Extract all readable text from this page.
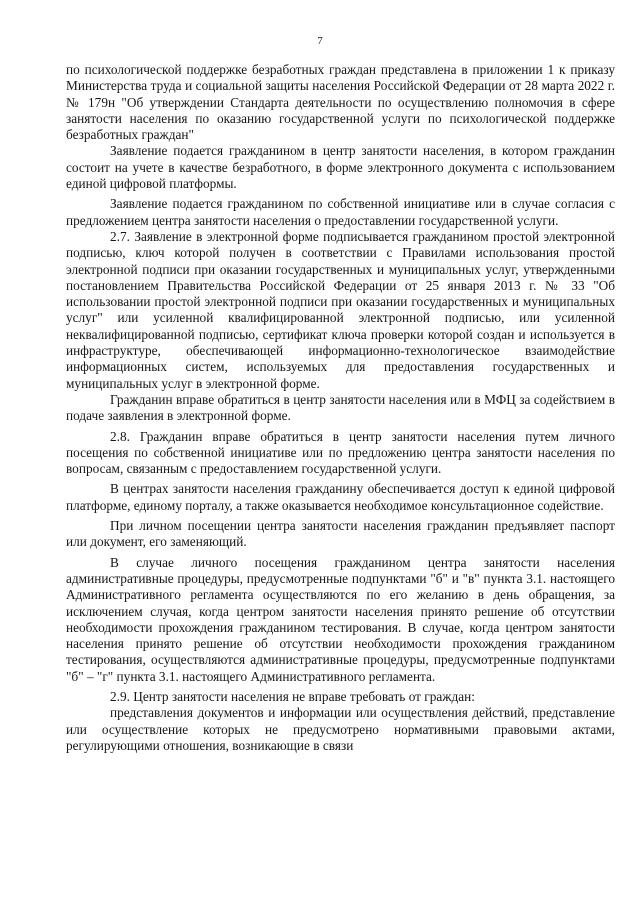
7

по психологической поддержке безработных граждан представлена в приложении 1 к приказу Министерства труда и социальной защиты населения Российской Федерации от 28 марта 2022 г. № 179н "Об утверждении Стандарта деятельности по осуществлению полномочия в сфере занятости населения по оказанию государственной услуги по психологической поддержке безработных граждан"

Заявление подается гражданином в центр занятости населения, в котором гражданин состоит на учете в качестве безработного, в форме электронного документа с использованием единой цифровой платформы.

Заявление подается гражданином по собственной инициативе или в случае согласия с предложением центра занятости населения о предоставлении государственной услуги.

2.7. Заявление в электронной форме подписывается гражданином простой электронной подписью, ключ которой получен в соответствии с Правилами использования простой электронной подписи при оказании государственных и муниципальных услуг, утвержденными постановлением Правительства Российской Федерации от 25 января 2013 г. № 33 "Об использовании простой электронной подписи при оказании государственных и муниципальных услуг" или усиленной квалифицированной электронной подписью, или усиленной неквалифицированной подписью, сертификат ключа проверки которой создан и используется в инфраструктуре, обеспечивающей информационно-технологическое взаимодействие информационных систем, используемых для предоставления государственных и муниципальных услуг в электронной форме.

Гражданин вправе обратиться в центр занятости населения или в МФЦ за содействием в подаче заявления в электронной форме.

2.8. Гражданин вправе обратиться в центр занятости населения путем личного посещения по собственной инициативе или по предложению центра занятости населения по вопросам, связанным с предоставлением государственной услуги.

В центрах занятости населения гражданину обеспечивается доступ к единой цифровой платформе, единому порталу, а также оказывается необходимое консультационное содействие.

При личном посещении центра занятости населения гражданин предъявляет паспорт или документ, его заменяющий.

В случае личного посещения гражданином центра занятости населения административные процедуры, предусмотренные подпунктами "б" и "в" пункта 3.1. настоящего Административного регламента осуществляются по его желанию в день обращения, за исключением случая, когда центром занятости населения принято решение об отсутствии необходимости прохождения гражданином тестирования. В случае, когда центром занятости населения принято решение об отсутствии необходимости прохождения гражданином тестирования, осуществляются административные процедуры, предусмотренные подпунктами "б" – "г" пункта 3.1. настоящего Административного регламента.

2.9. Центр занятости населения не вправе требовать от граждан:

представления документов и информации или осуществления действий, представление или осуществление которых не предусмотрено нормативными правовыми актами, регулирующими отношения, возникающие в связи
